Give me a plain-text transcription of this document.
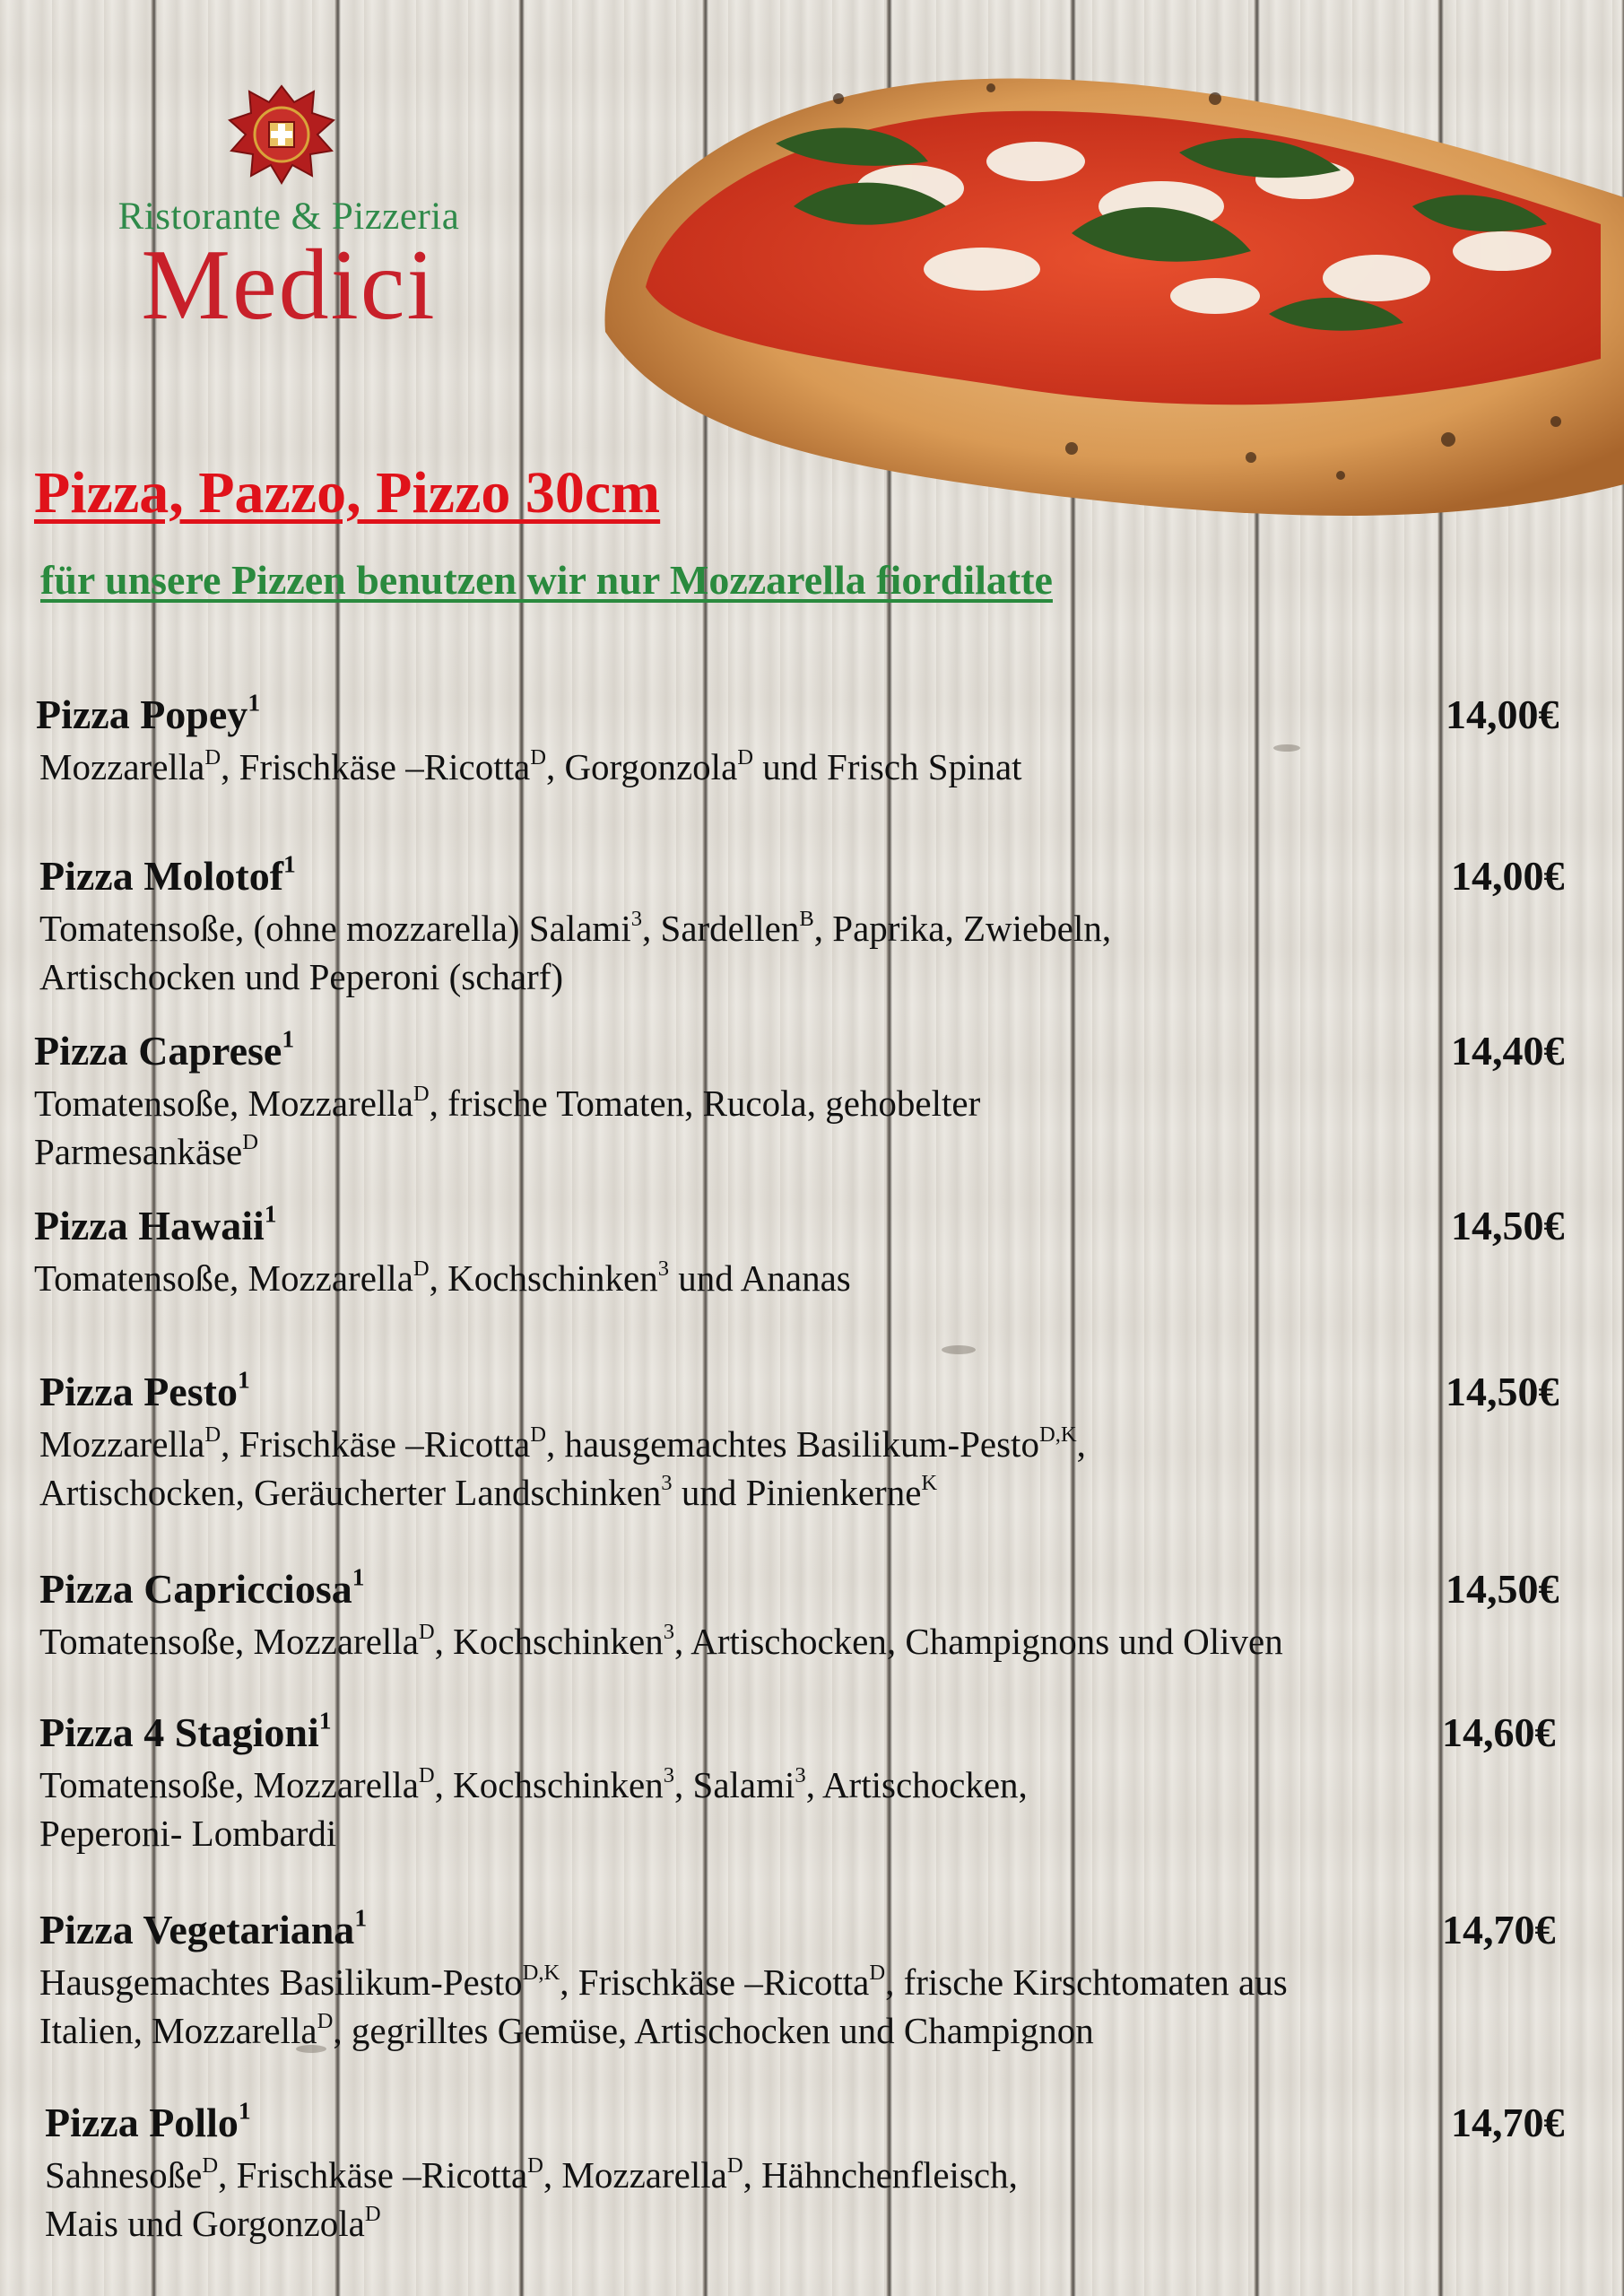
Ristorante & Pizzeria
Medici
Pizza, Pazzo, Pizzo 30cm
für unsere Pizzen benutzen wir nur Mozzarella fiordilatte
Pizza Popey$^1$	14,00€
Mozzarella$^D$, Frischkäse –Ricotta$^D$, Gorgonzola$^D$ und Frisch Spinat
Pizza Molotof$^1$	14,00€
Tomatensoße, (ohne mozzarella) Salami$^3$, Sardellen$^B$, Paprika, Zwiebeln,
Artischocken und Peperoni (scharf)
Pizza Caprese$^1$	14,40€
Tomatensoße, Mozzarella$^D$, frische Tomaten, Rucola, gehobelter
Parmesankäse$^D$
Pizza Hawaii$^1$	14,50€
Tomatensoße, Mozzarella$^D$, Kochschinken$^3$ und Ananas
Pizza Pesto$^1$	14,50€
Mozzarella$^D$, Frischkäse –Ricotta$^D$, hausgemachtes Basilikum-Pesto$^{D,K}$,
Artischocken, Geräucherter Landschinken$^3$ und Pinienkerne$^K$
Pizza Capricciosa$^1$	14,50€
Tomatensoße, Mozzarella$^D$, Kochschinken$^3$, Artischocken, Champignons und Oliven
Pizza 4 Stagioni$^1$	14,60€
Tomatensoße, Mozzarella$^D$, Kochschinken$^3$, Salami$^3$, Artischocken,
Peperoni- Lombardi
Pizza Vegetariana$^1$	14,70€
Hausgemachtes Basilikum-Pesto$^{D,K}$, Frischkäse –Ricotta$^D$, frische Kirschtomaten aus
Italien, Mozzarella$^D$, gegrilltes Gemüse, Artischocken und Champignon
Pizza Pollo$^1$	14,70€
Sahnesoße$^D$, Frischkäse –Ricotta$^D$, Mozzarella$^D$, Hähnchenfleisch,
Mais und Gorgonzola$^D$
